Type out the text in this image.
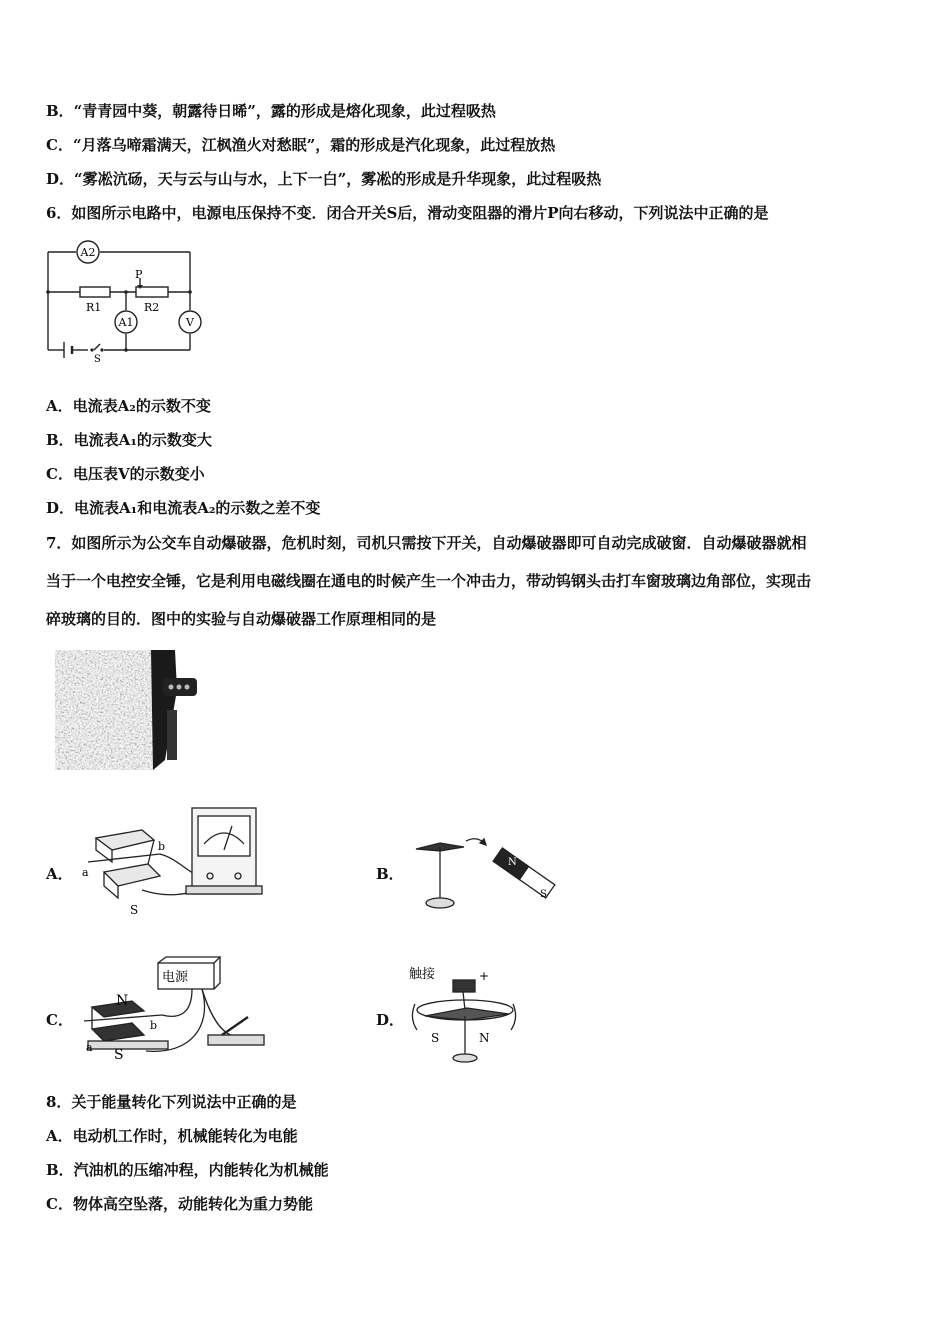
B．“青青园中葵，朝露待日晞”，露的形成是熔化现象，此过程吸热
C．“月落乌啼霜满天，江枫渔火对愁眠”，霜的形成是汽化现象，此过程放热
D．“雾凇沆砀，天与云与山与水，上下一白”，雾凇的形成是升华现象，此过程吸热
6．如图所示电路中，电源电压保持不变．闭合开关S后，滑动变阻器的滑片P向右移动，下列说法中正确的是
A2
A1	V
P
R1	R2
S
A．电流表A₂的示数不变
B．电流表A₁的示数变大
C．电压表V的示数变小
D．电流表A₁和电流表A₂的示数之差不变
7．如图所示为公交车自动爆破器，危机时刻，司机只需按下开关，自动爆破器即可自动完成破窗．自动爆破器就相
当于一个电控安全锤，它是利用电磁线圈在通电的时候产生一个冲击力，带动钨钢头击打车窗玻璃边角部位，实现击
碎玻璃的目的．图中的实验与自动爆破器工作原理相同的是
A． a
b
S
B．
N
S
C．
电源
N
S
a
b	D．
触接	+
S	N
8．关于能量转化下列说法中正确的是
A．电动机工作时，机械能转化为电能
B．汽油机的压缩冲程，内能转化为机械能
C．物体高空坠落，动能转化为重力势能
